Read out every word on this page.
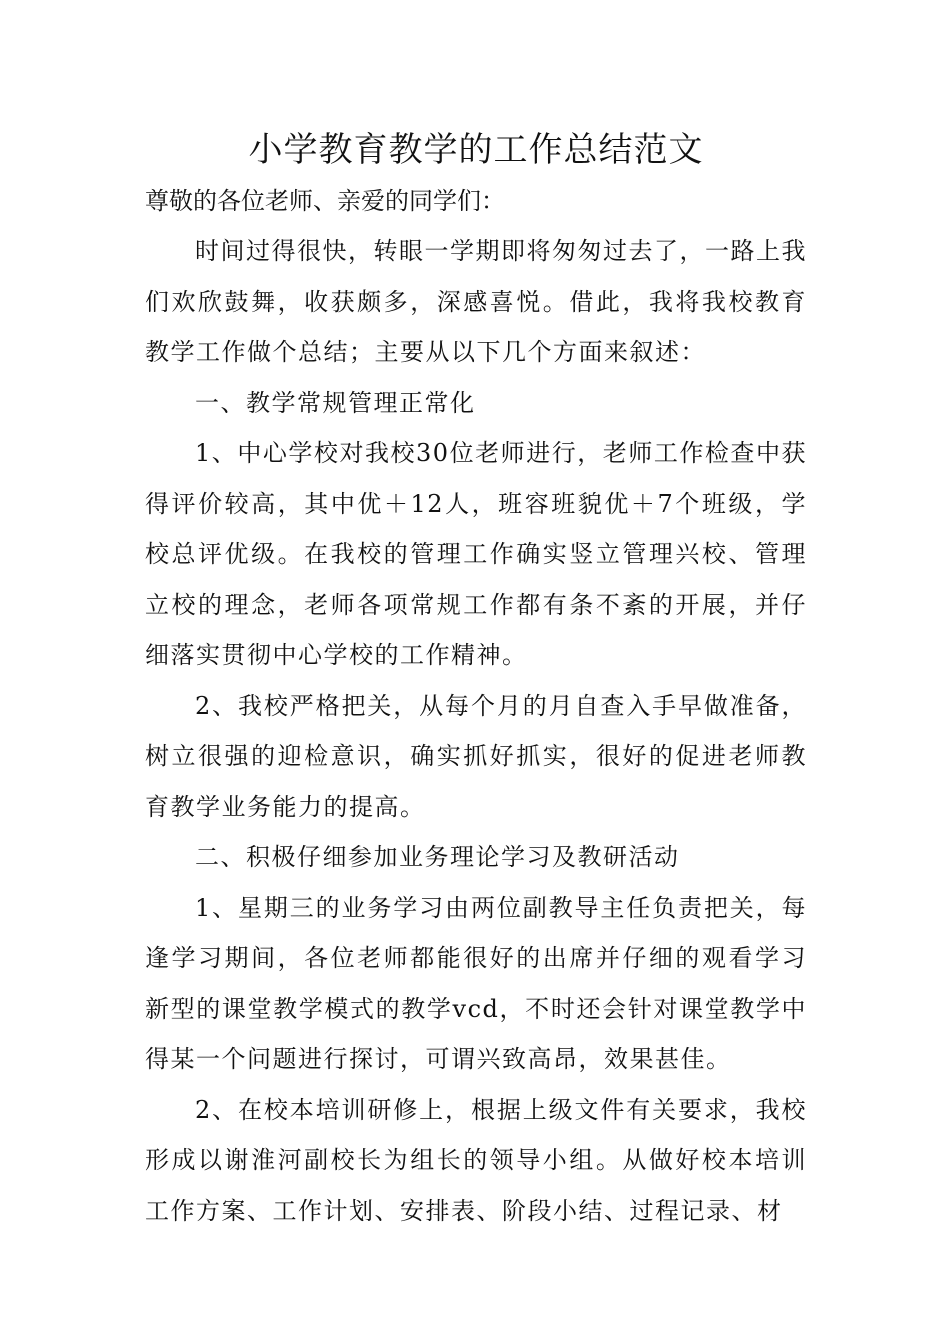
小学教育教学的工作总结范文

尊敬的各位老师、亲爱的同学们：

时间过得很快，转眼一学期即将匆匆过去了，一路上我们欢欣鼓舞，收获颇多，深感喜悦。借此，我将我校教育教学工作做个总结；主要从以下几个方面来叙述：

一、教学常规管理正常化

1、中心学校对我校30位老师进行，老师工作检查中获得评价较高，其中优＋12人，班容班貌优＋7个班级，学校总评优级。在我校的管理工作确实竖立管理兴校、管理立校的理念，老师各项常规工作都有条不紊的开展，并仔细落实贯彻中心学校的工作精神。

2、我校严格把关，从每个月的月自查入手早做准备，树立很强的迎检意识，确实抓好抓实，很好的促进老师教育教学业务能力的提高。

二、积极仔细参加业务理论学习及教研活动

1、星期三的业务学习由两位副教导主任负责把关，每逢学习期间，各位老师都能很好的出席并仔细的观看学习新型的课堂教学模式的教学vcd，不时还会针对课堂教学中得某一个问题进行探讨，可谓兴致高昂，效果甚佳。

2、在校本培训研修上，根据上级文件有关要求，我校形成以谢淮河副校长为组长的领导小组。从做好校本培训工作方案、工作计划、安排表、阶段小结、过程记录、材
